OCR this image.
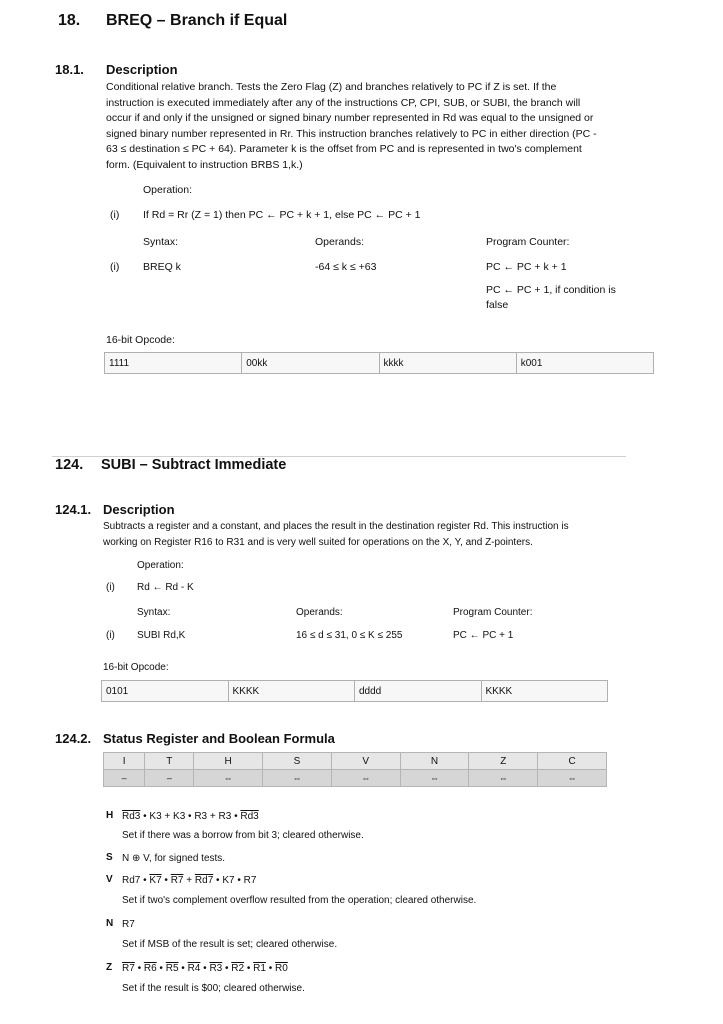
18. BREQ – Branch if Equal
18.1. Description
Conditional relative branch. Tests the Zero Flag (Z) and branches relatively to PC if Z is set. If the
instruction is executed immediately after any of the instructions CP, CPI, SUB, or SUBI, the branch will
occur if and only if the unsigned or signed binary number represented in Rd was equal to the unsigned or
signed binary number represented in Rr. This instruction branches relatively to PC in either direction (PC -
63 ≤ destination ≤ PC + 64). Parameter k is the offset from PC and is represented in two's complement
form. (Equivalent to instruction BRBS 1,k.)
Operation:
(i) If Rd = Rr (Z = 1) then PC ← PC + k + 1, else PC ← PC + 1
Syntax:	Operands:	Program Counter:
(i) BREQ k	-64 ≤ k ≤ +63	PC ← PC + k + 1
PC ← PC + 1, if condition is
false
16-bit Opcode:
1111	00kk	kkkk	k001
124. SUBI – Subtract Immediate
124.1. Description
Subtracts a register and a constant, and places the result in the destination register Rd. This instruction is
working on Register R16 to R31 and is very well suited for operations on the X, Y, and Z-pointers.
Operation:
(i) Rd ← Rd - K
Syntax:	Operands:	Program Counter:
(i) SUBI Rd,K	16 ≤ d ≤ 31, 0 ≤ K ≤ 255	PC ← PC + 1
16-bit Opcode:
0101	KKKK	dddd	KKKK
124.2. Status Register and Boolean Formula
I	T	H	S	V	N	Z	C
–	–	⇔	⇔	⇔	⇔	⇔	⇔
H Rd3 • K3 + K3 • R3 + R3 • Rd3
Set if there was a borrow from bit 3; cleared otherwise.
S N ⊕ V, for signed tests.
V Rd7 • K7 • R7 + Rd7 • K7 • R7
Set if two's complement overflow resulted from the operation; cleared otherwise.
N R7
Set if MSB of the result is set; cleared otherwise.
Z R7 • R6 • R5 • R4 • R3 • R2 • R1 • R0
Set if the result is $00; cleared otherwise.
